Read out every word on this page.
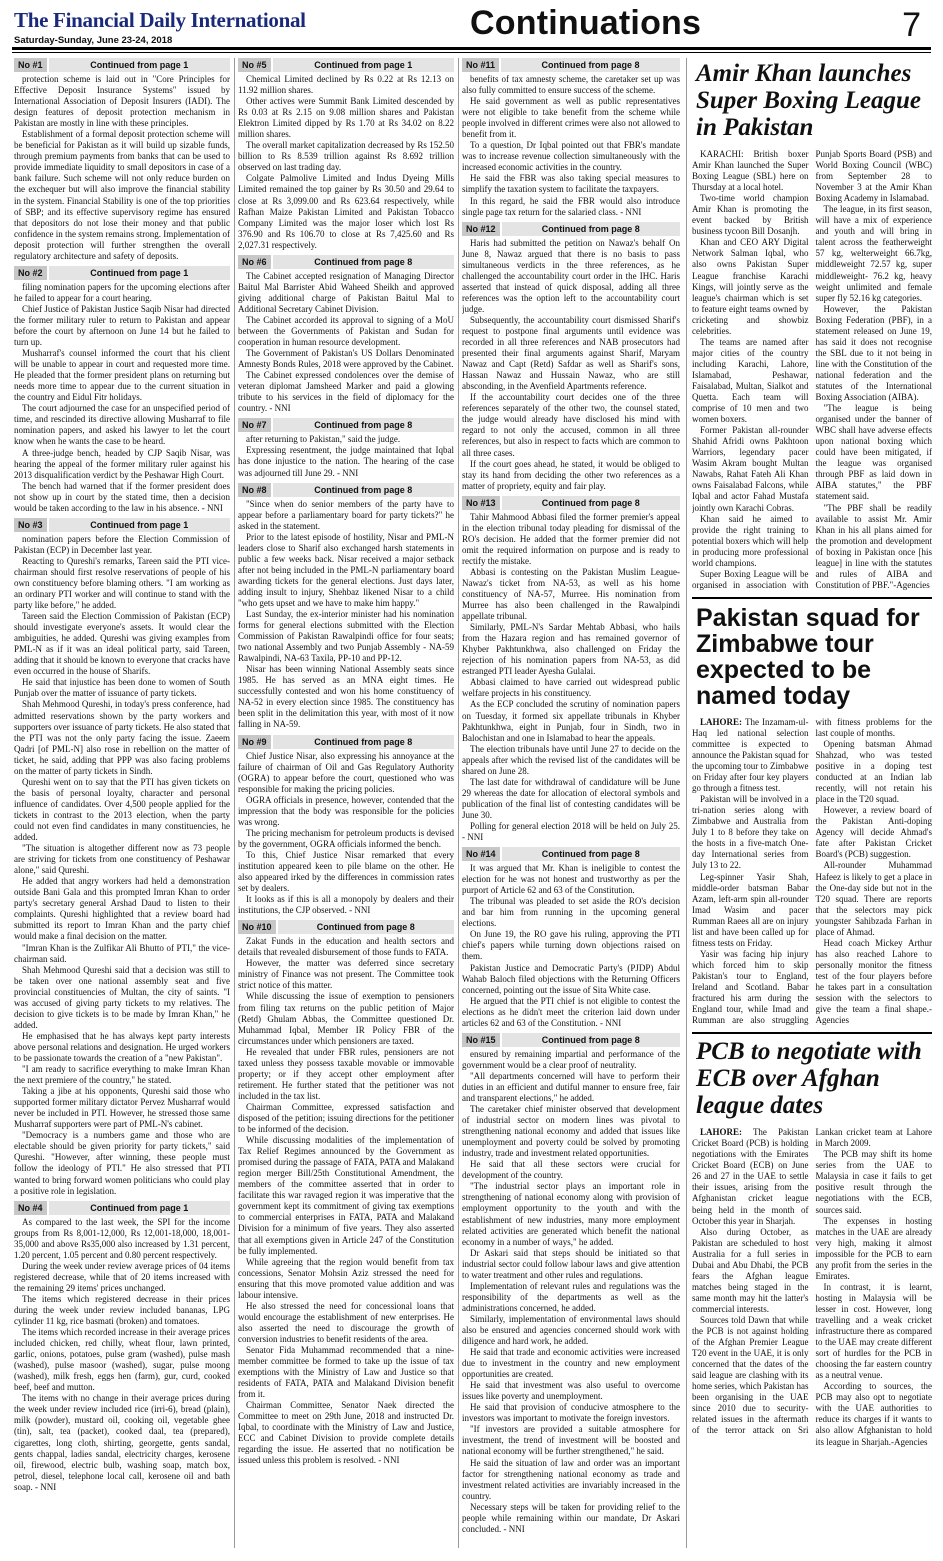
The Financial Daily International
Saturday-Sunday, June 23-24, 2018	Continuations	7
No #1	Continued from page 1

protection scheme is laid out in "Core Principles for Effective Deposit Insurance Systems" issued by International Association of Deposit Insurers (IADI). The design features of deposit protection mechanism in Pakistan are mostly in line with these principles.

Establishment of a formal deposit protection scheme will be beneficial for Pakistan as it will build up sizable funds, through premium payments from banks that can be used to provide immediate liquidity to small depositors in case of a bank failure. Such scheme will not only reduce burden on the exchequer but will also improve the financial stability in the system. Financial Stability is one of the top priorities of SBP; and its effective supervisory regime has ensured that depositors do not lose their money and that public confidence in the system remains strong. Implementation of deposit protection will further strengthen the overall regulatory architecture and safety of deposits.

No #2	Continued from page 1

filing nomination papers for the upcoming elections after he failed to appear for a court hearing.

Chief Justice of Pakistan Justice Saqib Nisar had directed the former military ruler to return to Pakistan and appear before the court by afternoon on June 14 but he failed to turn up.

Musharraf's counsel informed the court that his client will be unable to appear in court and requested more time. He pleaded that the former president plans on returning but needs more time to appear due to the current situation in the country and Eidul Fitr holidays.

The court adjourned the case for an unspecified period of time, and rescinded its directive allowing Musharraf to file nomination papers, and asked his lawyer to let the court know when he wants the case to be heard.

A three-judge bench, headed by CJP Saqib Nisar, was hearing the appeal of the former military ruler against his 2013 disqualification verdict by the Peshawar High Court.

The bench had warned that if the former president does not show up in court by the stated time, then a decision would be taken according to the law in his absence. - NNI

No #3	Continued from page 1

nomination papers before the Election Commission of Pakistan (ECP) in December last year.

Reacting to Qureshi's remarks, Tareen said the PTI vice-chairman should first resolve reservations of people of his own constituency before blaming others. "I am working as an ordinary PTI worker and will continue to stand with the party like before," he added.

Tareen said the Election Commission of Pakistan (ECP) should investigate everyone's assets. It would clear the ambiguities, he added. Qureshi was giving examples from PML-N as if it was an ideal political party, said Tareen, adding that it should be known to everyone that cracks have even occurred in the house of Sharifs.

He said that injustice has been done to women of South Punjab over the matter of issuance of party tickets.

Shah Mehmood Qureshi, in today's press conference, had admitted reservations shown by the party workers and supporters over issuance of party tickets. He also stated that the PTI was not the only party facing the issue. Zaeem Qadri [of PML-N] also rose in rebellion on the matter of ticket, he said, adding that PPP was also facing problems on the matter of party tickets in Sindh.

Qureshi went on to say that the PTI has given tickets on the basis of personal loyalty, character and personal influence of candidates. Over 4,500 people applied for the tickets in contrast to the 2013 election, when the party could not even find candidates in many constituencies, he added.

"The situation is altogether different now as 73 people are striving for tickets from one constituency of Peshawar alone," said Qureshi.

He added that angry workers had held a demonstration outside Bani Gala and this prompted Imran Khan to order party's secretary general Arshad Daud to listen to their complaints. Qureshi highlighted that a review board had submitted its report to Imran Khan and the party chief would make a final decision on the matter.

"Imran Khan is the Zulfikar Ali Bhutto of PTI," the vice-chairman said.

Shah Mehmood Qureshi said that a decision was still to be taken over one national assembly seat and five provincial constituencies of Multan, the city of saints. "I was accused of giving party tickets to my relatives. The decision to give tickets is to be made by Imran Khan," he added.

He emphasised that he has always kept party interests above personal relations and designation. He urged workers to be passionate towards the creation of a "new Pakistan".

"I am ready to sacrifice everything to make Imran Khan the next premiere of the country," he stated.

Taking a jibe at his opponents, Qureshi said those who supported former military dictator Pervez Musharraf would never be included in PTI. However, he stressed those same Musharraf supporters were part of PML-N's cabinet.

"Democracy is a numbers game and those who are electable should be given priority for party tickets," said Qureshi. "However, after winning, these people must follow the ideology of PTI." He also stressed that PTI wanted to bring forward women politicians who could play a positive role in legislation.

No #4	Continued from page 1

As compared to the last week, the SPI for the income groups from Rs 8,001-12,000, Rs 12,001-18,000, 18,001-35,000 and above Rs35,000 also increased by 1.31 percent, 1.20 percent, 1.05 percent and 0.80 percent respectively.

During the week under review average prices of 04 items registered decrease, while that of 20 items increased with the remaining 29 items' prices unchanged.

The items which registered decrease in their prices during the week under review included bananas, LPG cylinder 11 kg, rice basmati (broken) and tomatoes.

The items which recorded increase in their average prices included chicken, red chilly, wheat flour, lawn printed, garlic, onions, potatoes, pulse gram (washed), pulse mash (washed), pulse masoor (washed), sugar, pulse moong (washed), milk fresh, eggs hen (farm), gur, curd, cooked beef, beef and mutton.

The items with no change in their average prices during the week under review included rice (irri-6), bread (plain), milk (powder), mustard oil, cooking oil, vegetable ghee (tin), salt, tea (packet), cooked daal, tea (prepared), cigarettes, long cloth, shirting, georgette, gents sandal, gents chappal, ladies sandal, electricity charges, kerosene oil, firewood, electric bulb, washing soap, match box, petrol, diesel, telephone local call, kerosene oil and bath soap. - NNI

No #5	Continued from page 1

Chemical Limited declined by Rs 0.22 at Rs 12.13 on 11.92 million shares.

Other actives were Summit Bank Limited descended by Rs 0.03 at Rs 2.15 on 9.08 million shares and Pakistan Elektron Limited dipped by Rs 1.70 at Rs 34.02 on 8.22 million shares.

The overall market capitalization decreased by Rs 152.50 billion to Rs 8.539 trillion against Rs 8.692 trillion observed on last trading day.

Colgate Palmolive Limited and Indus Dyeing Mills Limited remained the top gainer by Rs 30.50 and 29.64 to close at Rs 3,099.00 and Rs 623.64 respectively, while Rafhan Maize Pakistan Limited and Pakistan Tobacco Company Limited was the major loser which lost Rs 376.90 and Rs 106.70 to close at Rs 7,425.60 and Rs 2,027.31 respectively.

No #6	Continued from page 8

The Cabinet accepted resignation of Managing Director Baitul Mal Barrister Abid Waheed Sheikh and approved giving additional charge of Pakistan Baitul Mal to Additional Secretary Cabinet Division.

The Cabinet accorded its approval to signing of a MoU between the Governments of Pakistan and Sudan for cooperation in human resource development.

The Government of Pakistan's US Dollars Denominated Amnesty Bonds Rules, 2018 were approved by the Cabinet.

The Cabinet expressed condolences over the demise of veteran diplomat Jamsheed Marker and paid a glowing tribute to his services in the field of diplomacy for the country. - NNI

No #7	Continued from page 8

after returning to Pakistan," said the judge.

Expressing resentment, the judge maintained that Iqbal has done injustice to the nation. The hearing of the case was adjourned till June 29. - NNI

No #8	Continued from page 8

"Since when do senior members of the party have to appear before a parliamentary board for party tickets?" he asked in the statement.

Prior to the latest episode of hostility, Nisar and PML-N leaders close to Sharif also exchanged harsh statements in public a few weeks back. Nisar received a major setback after not being included in the PML-N parliamentary board awarding tickets for the general elections. Just days later, adding insult to injury, Shehbaz likened Nisar to a child "who gets upset and we have to make him happy."

Last Sunday, the ex-interior minister had his nomination forms for general elections submitted with the Election Commission of Pakistan Rawalpindi office for four seats; two national Assembly and two Punjab Assembly - NA-59 Rawalpindi, NA-63 Taxila, PP-10 and PP-12.

Nisar has been winning National Assembly seats since 1985. He has served as an MNA eight times. He successfully contested and won his home constituency of NA-52 in every election since 1985. The constituency has been split in the delimitation this year, with most of it now falling in NA-59.

No #9	Continued from page 8

Chief Justice Nisar, also expressing his annoyance at the failure of chairman of Oil and Gas Regulatory Authority (OGRA) to appear before the court, questioned who was responsible for making the pricing policies.

OGRA officials in presence, however, contended that the impression that the body was responsible for the policies was wrong.

The pricing mechanism for petroleum products is devised by the government, OGRA officials informed the bench.

To this, Chief Justice Nisar remarked that every institution appeared keen to pile blame on the other. He also appeared irked by the differences in commission rates set by dealers.

It looks as if this is all a monopoly by dealers and their institutions, the CJP observed. - NNI

No #10	Continued from page 8

Zakat Funds in the education and health sectors and details that revealed disbursement of those funds to FATA.

However, the matter was deferred since secretary ministry of Finance was not present. The Committee took strict notice of this matter.

While discussing the issue of exemption to pensioners from filing tax returns on the public petition of Major (Retd) Ghulam Abbas, the Committee questioned Dr. Muhammad Iqbal, Member IR Policy FBR of the circumstances under which pensioners are taxed.

He revealed that under FBR rules, pensioners are not taxed unless they possess taxable movable or immovable property; or if they accept other employment after retirement. He further stated that the petitioner was not included in the tax list.

Chairman Committee, expressed satisfaction and disposed of the petition; issuing directions for the petitioner to be informed of the decision.

While discussing modalities of the implementation of Tax Relief Regimes announced by the Government as promised during the passage of FATA, PATA and Malakand region merger Bill/25th Constitutional Amendment, the members of the committee asserted that in order to facilitate this war ravaged region it was imperative that the government kept its commitment of giving tax exemptions to commercial enterprises in FATA, PATA and Malakand Division for a minimum of five years. They also asserted that all exemptions given in Article 247 of the Constitution be fully implemented.

While agreeing that the region would benefit from tax concessions, Senator Mohsin Aziz stressed the need for ensuring that this move promoted value addition and was labour intensive.

He also stressed the need for concessional loans that would encourage the establishment of new enterprises. He also asserted the need to discourage the growth of conversion industries to benefit residents of the area.

Senator Fida Muhammad recommended that a nine-member committee be formed to take up the issue of tax exemptions with the Ministry of Law and Justice so that residents of FATA, PATA and Malakand Division benefit from it.

Chairman Committee, Senator Naek directed the Committee to meet on 29th June, 2018 and instructed Dr. Iqbal, to coordinate with the Ministry of Law and Justice, ECC and Cabinet Division to provide complete details regarding the issue. He asserted that no notification be issued unless this problem is resolved. - NNI

No #11	Continued from page 8

benefits of tax amnesty scheme, the caretaker set up was also fully committed to ensure success of the scheme.

He said government as well as public representatives were not eligible to take benefit from the scheme while people involved in different crimes were also not allowed to benefit from it.

To a question, Dr Iqbal pointed out that FBR's mandate was to increase revenue collection simultaneously with the increased economic activities in the country.

He said the FBR was also taking special measures to simplify the taxation system to facilitate the taxpayers.

In this regard, he said the FBR would also introduce single page tax return for the salaried class. - NNI

No #12	Continued from page 8

Haris had submitted the petition on Nawaz's behalf On June 8, Nawaz argued that there is no basis to pass simultaneous verdicts in the three references, as he challenged the accountability court order in the IHC. Haris asserted that instead of quick disposal, adding all three references was the option left to the accountability court judge.

Subsequently, the accountability court dismissed Sharif's request to postpone final arguments until evidence was recorded in all three references and NAB prosecutors had presented their final arguments against Sharif, Maryam Nawaz and Capt (Retd) Safdar as well as Sharif's sons, Hassan Nawaz and Hussain Nawaz, who are still absconding, in the Avenfield Apartments reference.

If the accountability court decides one of the three references separately of the other two, the counsel stated, the judge would already have disclosed his mind with regard to not only the accused, common in all three references, but also in respect to facts which are common to all three cases.

If the court goes ahead, he stated, it would be obliged to stay its hand from deciding the other two references as a matter of propriety, equity and fair play.

No #13	Continued from page 8

Tahir Mahmood Abbasi filed the former premier's appeal in the election tribunal today pleading for dismissal of the RO's decision. He added that the former premier did not omit the required information on purpose and is ready to rectify the mistake.

Abbasi is contesting on the Pakistan Muslim League-Nawaz's ticket from NA-53, as well as his home constituency of NA-57, Murree. His nomination from Murree has also been challenged in the Rawalpindi appellate tribunal.

Similarly, PML-N's Sardar Mehtab Abbasi, who hails from the Hazara region and has remained governor of Khyber Pakhtunkhwa, also challenged on Friday the rejection of his nomination papers from NA-53, as did estranged PTI leader Ayesha Gulalai.

Abbasi claimed to have carried out widespread public welfare projects in his constituency.

As the ECP concluded the scrutiny of nomination papers on Tuesday, it formed six appellate tribunals in Khyber Pakhtunkhwa, eight in Punjab, four in Sindh, two in Balochistan and one in Islamabad to hear the appeals.

The election tribunals have until June 27 to decide on the appeals after which the revised list of the candidates will be shared on June 28.

The last date for withdrawal of candidature will be June 29 whereas the date for allocation of electoral symbols and publication of the final list of contesting candidates will be June 30.

Polling for general election 2018 will be held on July 25. - NNI

No #14	Continued from page 8

It was argued that Mr. Khan is ineligible to contest the election for he was not honest and trustworthy as per the purport of Article 62 and 63 of the Constitution.

The tribunal was pleaded to set aside the RO's decision and bar him from running in the upcoming general elections.

On June 19, the RO gave his ruling, approving the PTI chief's papers while turning down objections raised on them.

Pakistan Justice and Democratic Party's (PJDP) Abdul Wahab Baloch filed objections with the Returning Officers concerned, pointing out the issue of Sita White case.

He argued that the PTI chief is not eligible to contest the elections as he didn't meet the criterion laid down under articles 62 and 63 of the Constitution. - NNI

No #15	Continued from page 8

ensured by remaining impartial and performance of the government would be a clear proof of neutrality.

"All departments concerned will have to perform their duties in an efficient and dutiful manner to ensure free, fair and transparent elections," he added.

The caretaker chief minister observed that development of industrial sector on modern lines was pivotal to strengthening national economy and added that issues like unemployment and poverty could be solved by promoting industry, trade and investment related opportunities.

He said that all these sectors were crucial for development of the country.

"The industrial sector plays an important role in strengthening of national economy along with provision of employment opportunity to the youth and with the establishment of new industries, many more employment related activities are generated which benefit the national economy in a number of ways," he added.

Dr Askari said that steps should be initiated so that industrial sector could follow labour laws and give attention to water treatment and other rules and regulations.

Implementation of relevant rules and regulations was the responsibility of the departments as well as the administrations concerned, he added.

Similarly, implementation of environmental laws should also be ensured and agencies concerned should work with diligence and hard work, he added.

He said that trade and economic activities were increased due to investment in the country and new employment opportunities are created.

He said that investment was also useful to overcome issues like poverty and unemployment.

He said that provision of conducive atmosphere to the investors was important to motivate the foreign investors.

"If investors are provided a suitable atmosphere for investment, the trend of investment will be boosted and national economy will be further strengthened," he said.

He said the situation of law and order was an important factor for strengthening national economy as trade and investment related activities are invariably increased in the country.

Necessary steps will be taken for providing relief to the people while remaining within our mandate, Dr Askari concluded. - NNI

Amir Khan launches Super Boxing League in Pakistan

KARACHI: British boxer Amir Khan launched the Super Boxing League (SBL) here on Thursday at a local hotel.

Two-time world champion Amir Khan is promoting the event backed by British business tycoon Bill Dosanjh.

Khan and CEO ARY Digital Network Salman Iqbal, who also owns Pakistan Super League franchise Karachi Kings, will jointly serve as the league's chairman which is set to feature eight teams owned by cricketing and showbiz celebrities.

The teams are named after major cities of the country including Karachi, Lahore, Islamabad, Peshawar, Faisalabad, Multan, Sialkot and Quetta. Each team will comprise of 10 men and two women boxers.

Former Pakistan all-rounder Shahid Afridi owns Pakhtoon Warriors, legendary pacer Wasim Akram bought Multan Nawabs, Rahat Fateh Ali Khan owns Faisalabad Falcons, while Iqbal and actor Fahad Mustafa jointly own Karachi Cobras.

Khan said he aimed to provide the right training to potential boxers which will help in producing more professional world champions.

Super Boxing League will be organised in association with Punjab Sports Board (PSB) and World Boxing Council (WBC) from September 28 to November 3 at the Amir Khan Boxing Academy in Islamabad.

The league, in its first season, will have a mix of experience and youth and will bring in talent across the featherweight 57 kg, welterweight 66.7kg, middleweight 72.57 kg, super middleweight- 76.2 kg, heavy weight unlimited and female super fly 52.16 kg categories.

However, the Pakistan Boxing Federation (PBF), in a statement released on June 19, has said it does not recognise the SBL due to it not being in line with the Constitution of the national federation and the statutes of the International Boxing Association (AIBA).

"The league is being organised under the banner of WBC shall have adverse effects upon national boxing which could have been mitigated, if the league was organised through PBF as laid down in AIBA statutes," the PBF statement said.

"The PBF shall be readily available to assist Mr. Amir Khan in his all plans aimed for the promotion and development of boxing in Pakistan once [his league] in line with the statutes and rules of AIBA and Constitution of PBF."-Agencies

Pakistan squad for Zimbabwe tour expected to be named today

LAHORE: The Inzamam-ul-Haq led national selection committee is expected to announce the Pakistan squad for the upcoming tour to Zimbabwe on Friday after four key players go through a fitness test.

Pakistan will be involved in a tri-nation series along with Zimbabwe and Australia from July 1 to 8 before they take on the hosts in a five-match One-day International series from July 13 to 22.

Leg-spinner Yasir Shah, middle-order batsman Babar Azam, left-arm spin all-rounder Imad Wasim and pacer Rumman Raees all are on injury list and have been called up for fitness tests on Friday.

Yasir was facing hip injury which forced him to skip Pakistan's tour to England, Ireland and Scotland. Babar fractured his arm during the England tour, while Imad and Rumman are also struggling with fitness problems for the last couple of months.

Opening batsman Ahmad Shahzad, who was tested positive in a doping test conducted at an Indian lab recently, will not retain his place in the T20 squad.

However, a review board of the Pakistan Anti-doping Agency will decide Ahmad's fate after Pakistan Cricket Board's (PCB) suggestion.

All-rounder Muhammad Hafeez is likely to get a place in the One-day side but not in the T20 squad. There are reports that the selectors may pick youngster Sahibzada Farhan in place of Ahmad.

Head coach Mickey Arthur has also reached Lahore to personally monitor the fitness test of the four players before he takes part in a consultation session with the selectors to give the team a final shape.-Agencies

PCB to negotiate with ECB over Afghan league dates

LAHORE: The Pakistan Cricket Board (PCB) is holding negotiations with the Emirates Cricket Board (ECB) on June 26 and 27 in the UAE to settle their issues, arising from the Afghanistan cricket league being held in the month of October this year in Sharjah.

Also during October, as Pakistan are scheduled to host Australia for a full series in Dubai and Abu Dhabi, the PCB fears the Afghan league matches being staged in the same month may hit the latter's commercial interests.

Sources told Dawn that while the PCB is not against holding of the Afghan Premier League T20 event in the UAE, it is only concerned that the dates of the said league are clashing with its home series, which Pakistan has been organising in the UAE since 2010 due to security-related issues in the aftermath of the terror attack on Sri Lankan cricket team at Lahore in March 2009.

The PCB may shift its home series from the UAE to Malaysia in case it fails to get positive result through the negotiations with the ECB, sources said.

The expenses in hosting matches in the UAE are already very high, making it almost impossible for the PCB to earn any profit from the series in the Emirates.

In contrast, it is learnt, hosting in Malaysia will be lesser in cost. However, long travelling and a weak cricket infrastructure there as compared to the UAE may create different sort of hurdles for the PCB in choosing the far eastern country as a neutral venue.

According to sources, the PCB may also opt to negotiate with the UAE authorities to reduce its charges if it wants to also allow Afghanistan to hold its league in Sharjah.-Agencies
